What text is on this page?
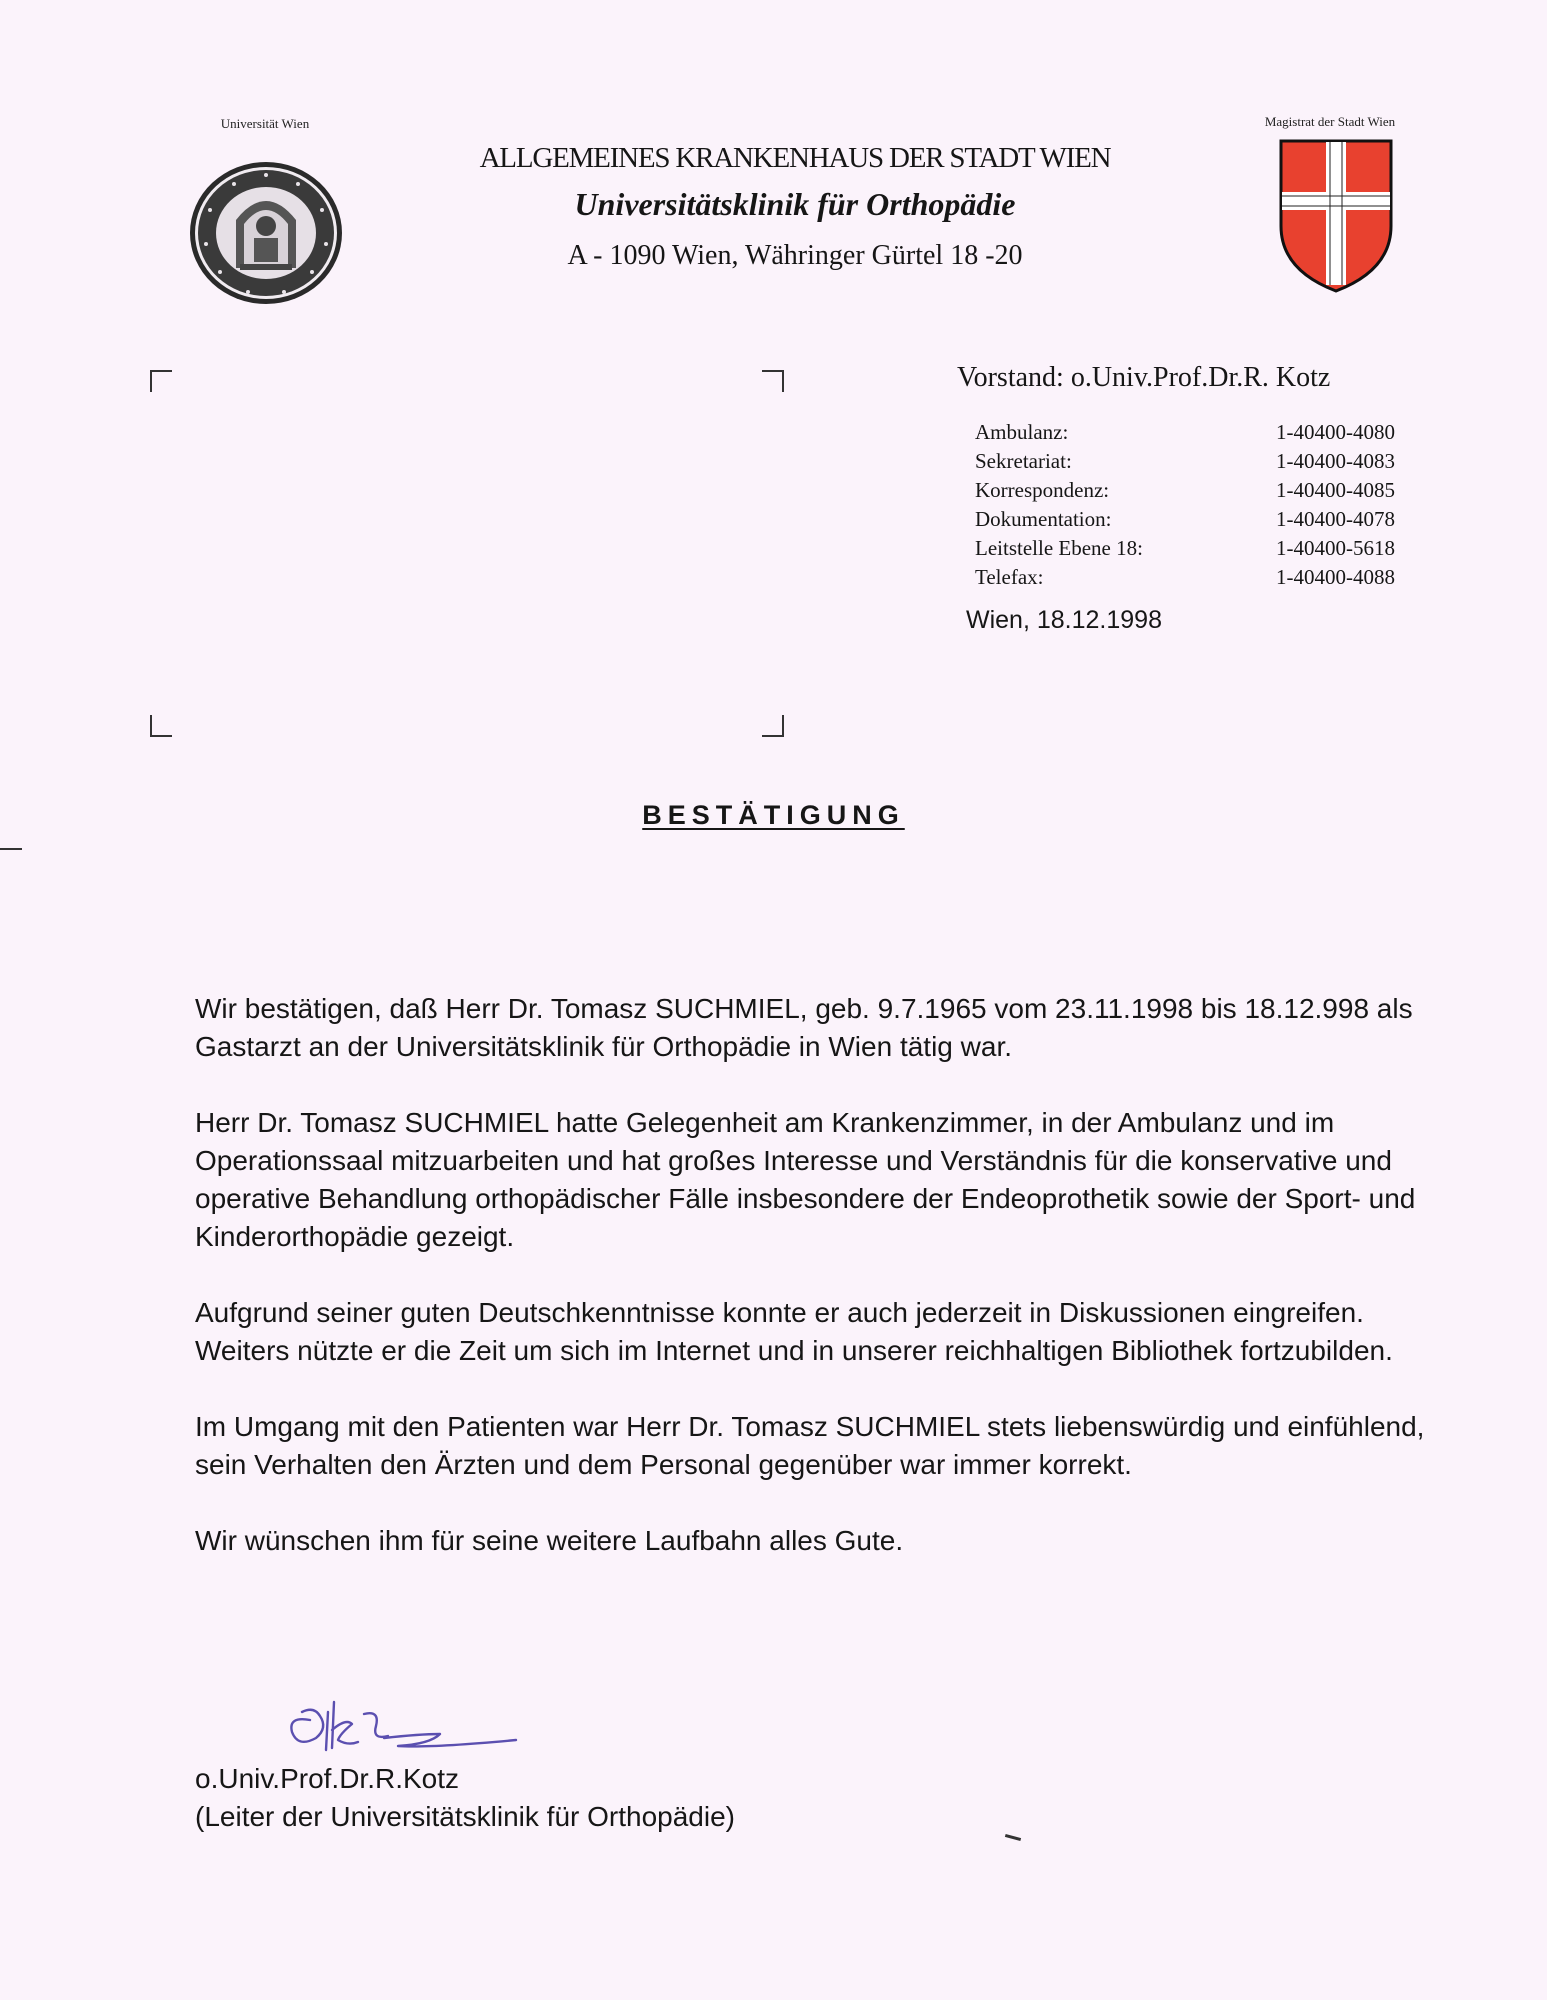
Universität Wien	Magistrat der Stadt Wien
ALLGEMEINES KRANKENHAUS DER STADT WIEN
Universitätsklinik für Orthopädie
A - 1090 Wien, Währinger Gürtel 18 -20
Vorstand: o.Univ.Prof.Dr.R. Kotz
Ambulanz:	1-40400-4080
Sekretariat:	1-40400-4083
Korrespondenz:	1-40400-4085
Dokumentation:	1-40400-4078
Leitstelle Ebene 18:	1-40400-5618
Telefax:	1-40400-4088
Wien, 18.12.1998
BESTÄTIGUNG

Wir bestätigen, daß Herr Dr. Tomasz SUCHMIEL, geb. 9.7.1965 vom 23.11.1998 bis 18.12.998 als Gastarzt an der Universitätsklinik für Orthopädie in Wien tätig war.

Herr Dr. Tomasz SUCHMIEL hatte Gelegenheit am Krankenzimmer, in der Ambulanz und im Operationssaal mitzuarbeiten und hat großes Interesse und Verständnis für die konservative und operative Behandlung orthopädischer Fälle insbesondere der Endeoprothetik sowie der Sport- und Kinderorthopädie gezeigt.

Aufgrund seiner guten Deutschkenntnisse konnte er auch jederzeit in Diskussionen eingreifen. Weiters nützte er die Zeit um sich im Internet und in unserer reichhaltigen Bibliothek fortzubilden.

Im Umgang mit den Patienten war Herr Dr. Tomasz SUCHMIEL stets liebenswürdig und einfühlend, sein Verhalten den Ärzten und dem Personal gegenüber war immer korrekt.

Wir wünschen ihm für seine weitere Laufbahn alles Gute.

o.Univ.Prof.Dr.R.Kotz
(Leiter der Universitätsklinik für Orthopädie)
